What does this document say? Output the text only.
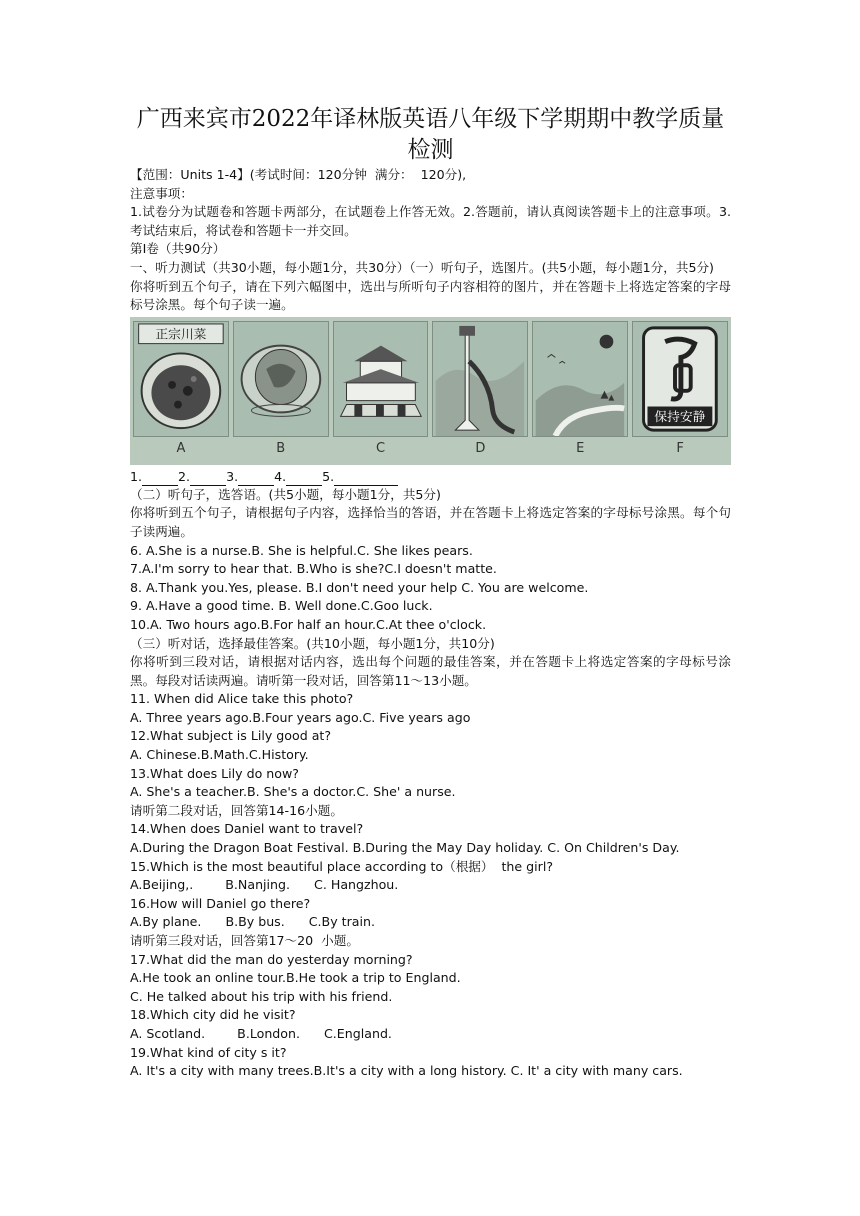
广西来宾市2022年译林版英语八年级下学期期中教学质量
检测
【范围：Units 1-4】(考试时间：120分钟  满分：  120分),
注意事项：
1.试卷分为试题卷和答题卡两部分，在试题卷上作答无效。2.答题前，请认真阅读答题卡上的注意事项。3.考试结束后，将试卷和答题卡一并交回。
第I卷（共90分）
一、听力测试（共30小题，每小题1分，共30分）（一）听句子，选图片。(共5小题，每小题1分，共5分)
你将听到五个句子，请在下列六幅图中，选出与所听句子内容相符的图片，并在答题卡上将选定答案的字母标号涂黑。每个句子读一遍。
正宗川菜
A	B	C	D	E
保持安静
F
1.	2.	3.	4.	5.
（二）听句子，选答语。(共5小题，每小题1分，共5分)
你将听到五个句子，请根据句子内容，选择恰当的答语，并在答题卡上将选定答案的字母标号涂黑。每个句子读两遍。
6. A.She is a nurse.B. She is helpful.C. She likes pears.
7.A.I'm sorry to hear that. B.Who is she?C.I doesn't matte.
8. A.Thank you.Yes, please. B.I don't need your help C. You are welcome.
9. A.Have a good time. B. Well done.C.Goo luck.
10.A. Two hours ago.B.For half an hour.C.At thee o'clock.
（三）听对话，选择最佳答案。(共10小题，每小题1分，共10分)
你将听到三段对话，请根据对话内容，选出每个问题的最佳答案，并在答题卡上将选定答案的字母标号涂黑。每段对话读两遍。请听第一段对话，回答第11～13小题。
11. When did Alice take this photo?
A. Three years ago.B.Four years ago.C. Five years ago
12.What subject is Lily good at?
A. Chinese.B.Math.C.History.
13.What does Lily do now?
A. She's a teacher.B. She's a doctor.C. She' a nurse.
请听第二段对话，回答第14-16小题。
14.When does Daniel want to travel?
A.During the Dragon Boat Festival. B.During the May Day holiday. C. On Children's Day.
15.Which is the most beautiful place according to（根据）  the girl?
A.Beijing,.        B.Nanjing.      C. Hangzhou.
16.How will Daniel go there?
A.By plane.      B.By bus.      C.By train.
请听第三段对话，回答第17～20  小题。
17.What did the man do yesterday morning?
A.He took an online tour.B.He took a trip to England.
C. He talked about his trip with his friend.
18.Which city did he visit?
A. Scotland.        B.London.      C.England.
19.What kind of city s it?
A. It's a city with many trees.B.It's a city with a long history. C. It' a city with many cars.
